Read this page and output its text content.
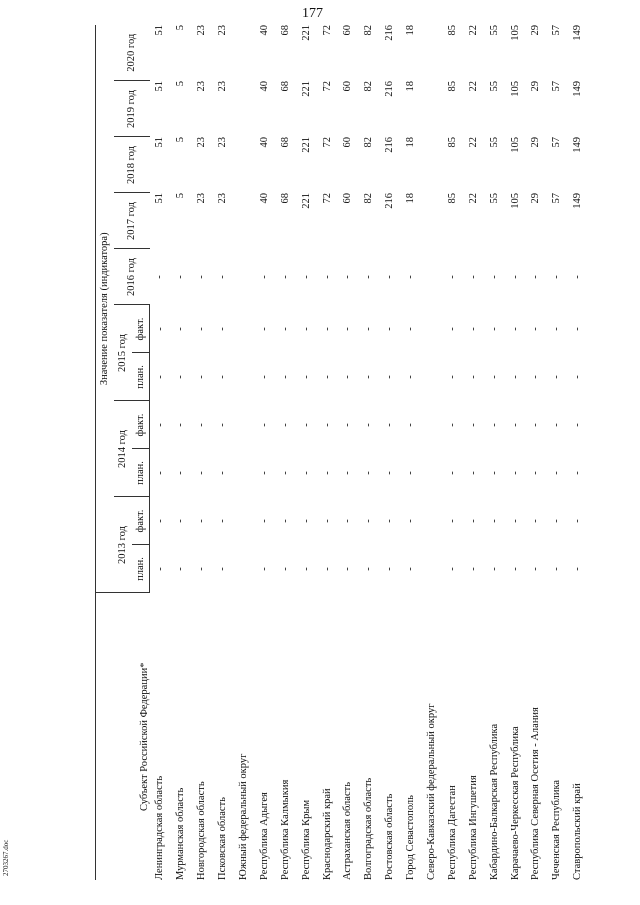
177
Субъект Российской Федерации*	Значение показателя (индикатора)										
	2013 год		2014 год		2015 год		2016 год	2017 год	2018 год	2019 год	2020 год
	план.	факт.	план.	факт.	план.	факт.					
Ленинградская область	-	-	-	-	-	-	-	51	51	51	51
Мурманская область	-	-	-	-	-	-	-	5	5	5	5
Новгородская область	-	-	-	-	-	-	-	23	23	23	23
Псковская область	-	-	-	-	-	-	-	23	23	23	23
Южный федеральный округ											
Республика Адыгея	-	-	-	-	-	-	-	40	40	40	40
Республика Калмыкия	-	-	-	-	-	-	-	68	68	68	68
Республика Крым	-	-	-	-	-	-	-	221	221	221	221
Краснодарский край	-	-	-	-	-	-	-	72	72	72	72
Астраханская область	-	-	-	-	-	-	-	60	60	60	60
Волгоградская область	-	-	-	-	-	-	-	82	82	82	82
Ростовская область	-	-	-	-	-	-	-	216	216	216	216
Город Севастополь	-	-	-	-	-	-	-	18	18	18	18
Северо-Кавказский федеральный округ											
Республика Дагестан	-	-	-	-	-	-	-	85	85	85	85
Республика Ингушетия	-	-	-	-	-	-	-	22	22	22	22
Кабардино-Балкарская Республика	-	-	-	-	-	-	-	55	55	55	55
Карачаево-Черкесская Республика	-	-	-	-	-	-	-	105	105	105	105
Республика Северная Осетия - Алания	-	-	-	-	-	-	-	29	29	29	29
Чеченская Республика	-	-	-	-	-	-	-	57	57	57	57
Ставропольский край	-	-	-	-	-	-	-	149	149	149	149
2703267.doc
